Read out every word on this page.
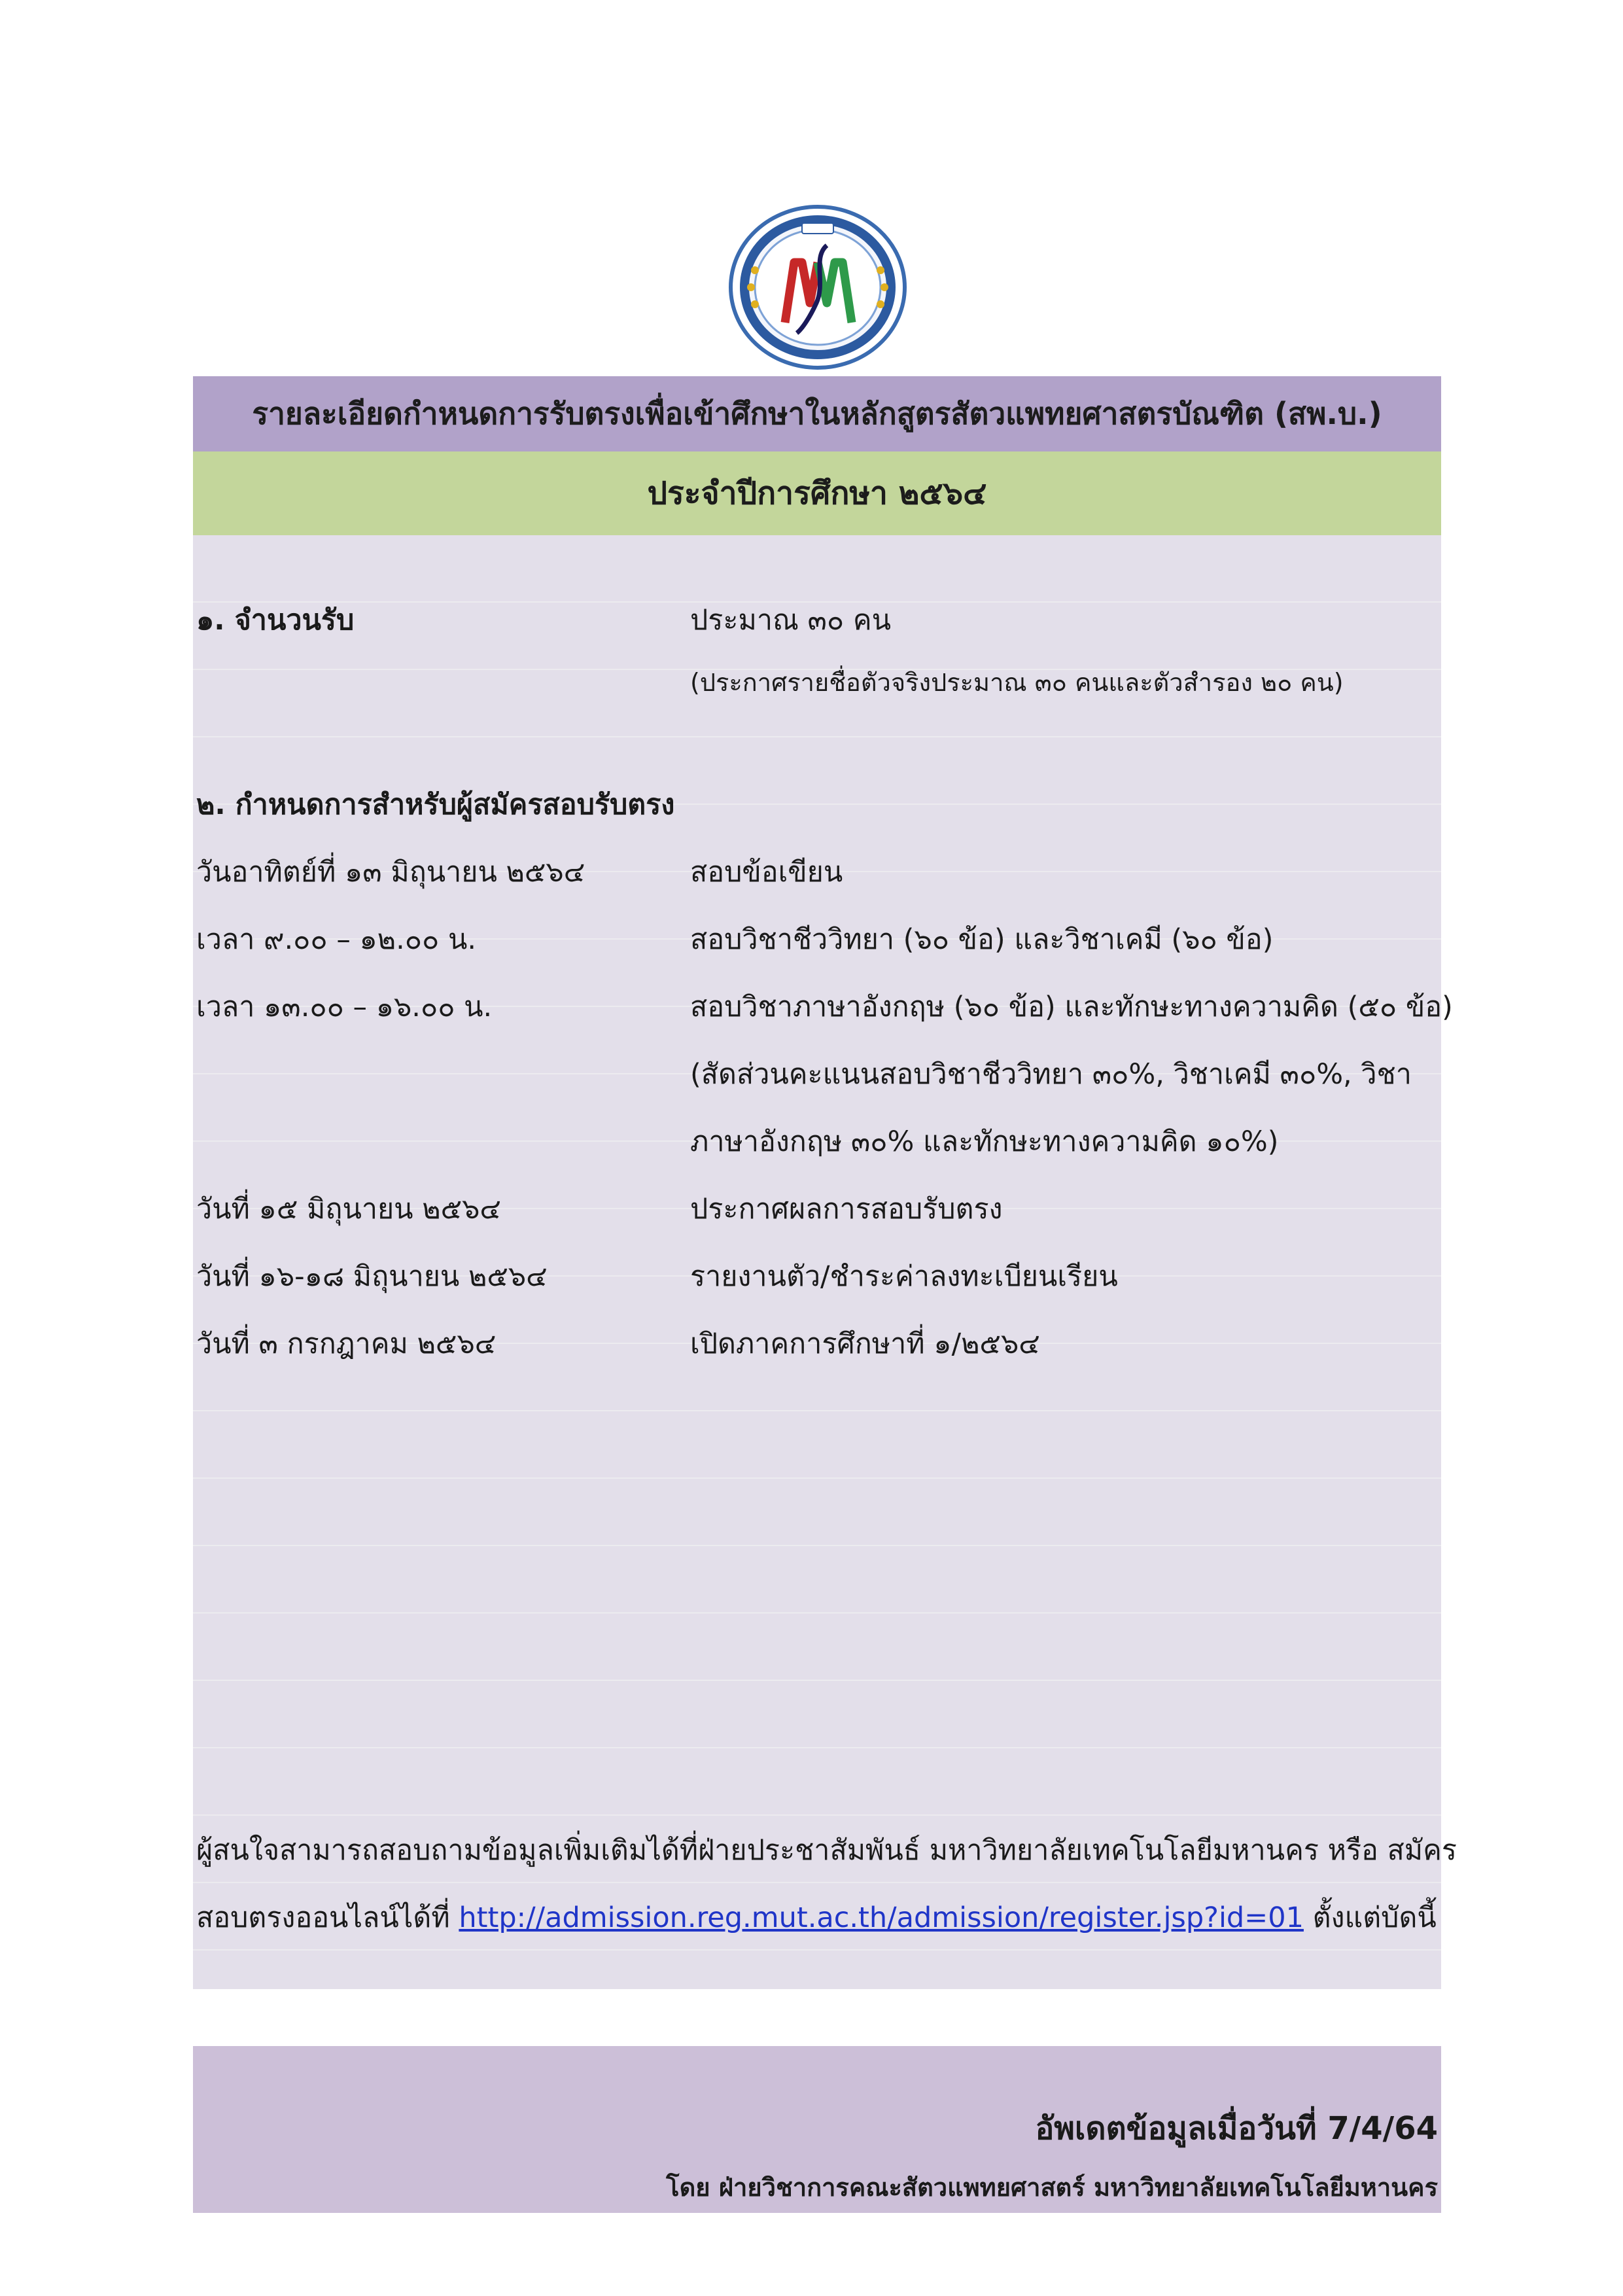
รายละเอียดกำหนดการรับตรงเพื่อเข้าศึกษาในหลักสูตรสัตวแพทยศาสตรบัณฑิต (สพ.บ.)
ประจำปีการศึกษา ๒๕๖๔
๑. จำนวนรับ	ประมาณ ๓๐ คน
(ประกาศรายชื่อตัวจริงประมาณ ๓๐ คนและตัวสำรอง ๒๐ คน)
๒. กำหนดการสำหรับผู้สมัครสอบรับตรง
วันอาทิตย์ที่ ๑๓ มิถุนายน ๒๕๖๔	สอบข้อเขียน
เวลา ๙.๐๐ – ๑๒.๐๐ น.	สอบวิชาชีววิทยา (๖๐ ข้อ) และวิชาเคมี (๖๐ ข้อ)
เวลา ๑๓.๐๐ – ๑๖.๐๐ น.	สอบวิชาภาษาอังกฤษ (๖๐ ข้อ) และทักษะทางความคิด (๕๐ ข้อ)
(สัดส่วนคะแนนสอบวิชาชีววิทยา ๓๐%, วิชาเคมี ๓๐%, วิชา
ภาษาอังกฤษ ๓๐% และทักษะทางความคิด ๑๐%)
วันที่ ๑๕ มิถุนายน ๒๕๖๔	ประกาศผลการสอบรับตรง
วันที่ ๑๖-๑๘ มิถุนายน ๒๕๖๔	รายงานตัว/ชำระค่าลงทะเบียนเรียน
วันที่ ๓ กรกฎาคม ๒๕๖๔	เปิดภาคการศึกษาที่ ๑/๒๕๖๔
ผู้สนใจสามารถสอบถามข้อมูลเพิ่มเติมได้ที่ฝ่ายประชาสัมพันธ์ มหาวิทยาลัยเทคโนโลยีมหานคร หรือ สมัคร
สอบตรงออนไลน์ได้ที่ http://admission.reg.mut.ac.th/admission/register.jsp?id=01 ตั้งแต่บัดนี้
อัพเดตข้อมูลเมื่อวันที่ 7/4/64
โดย ฝ่ายวิชาการคณะสัตวแพทยศาสตร์ มหาวิทยาลัยเทคโนโลยีมหานคร
